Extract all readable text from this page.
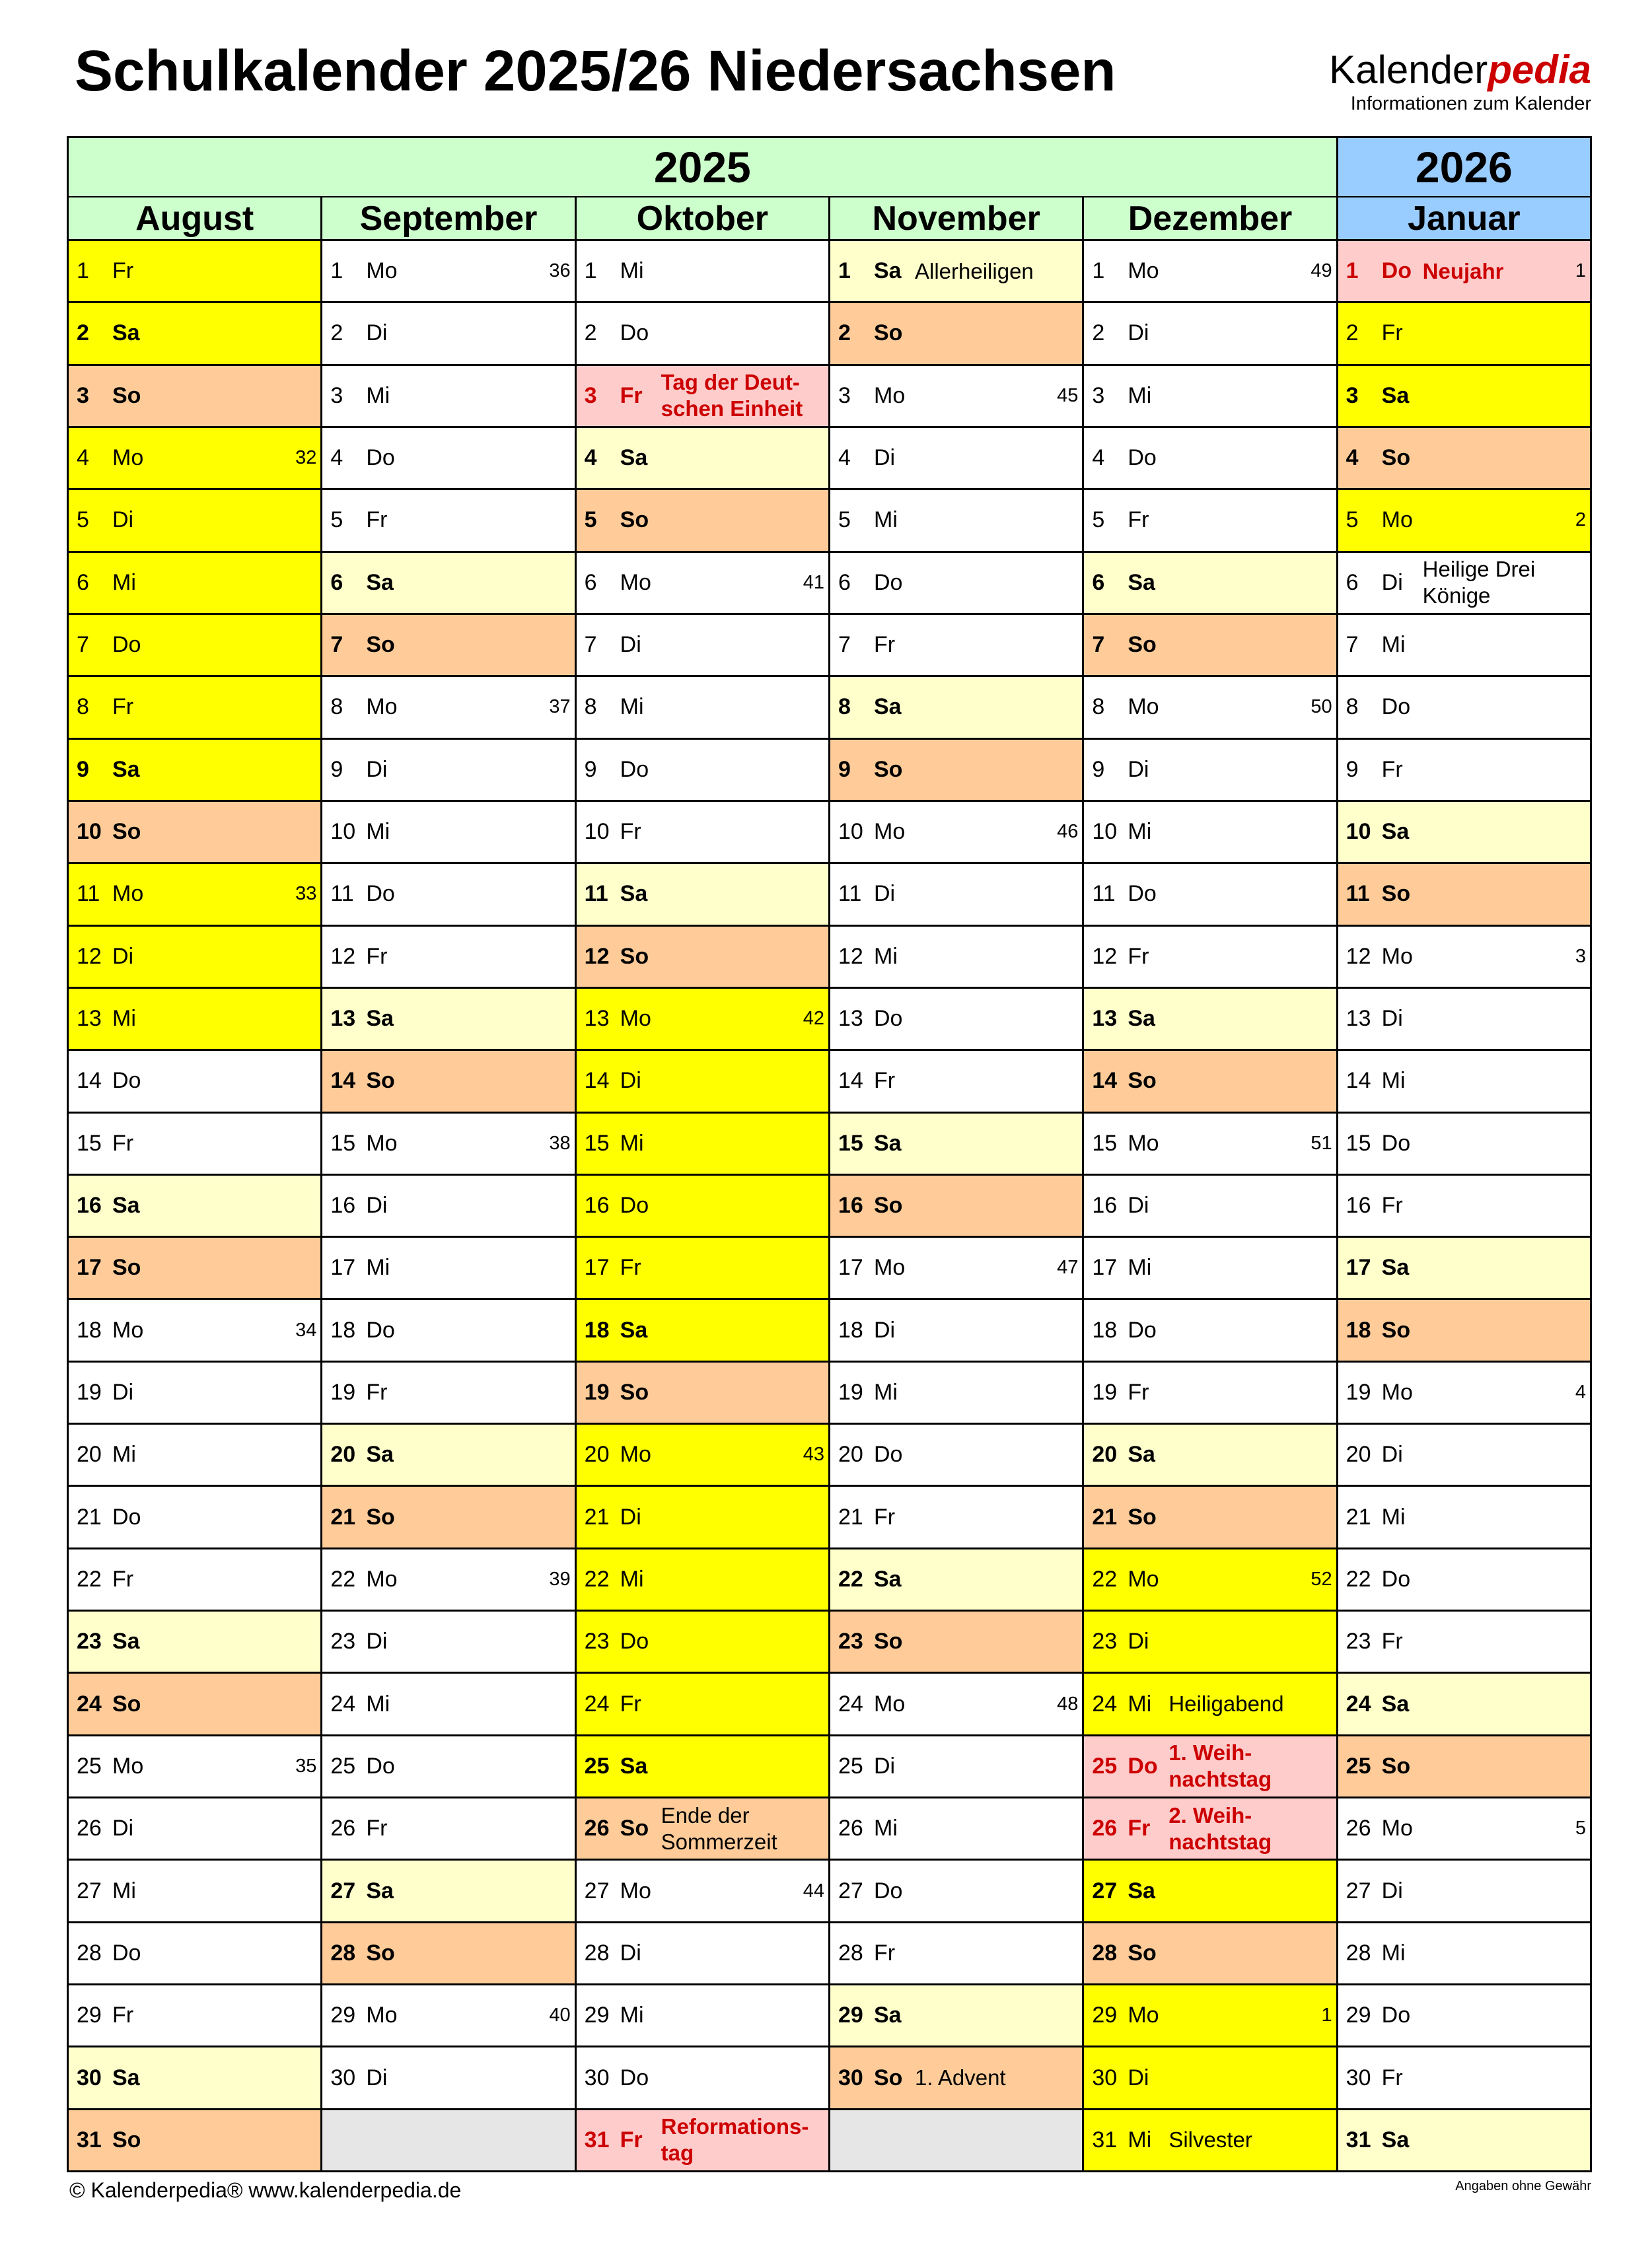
Schulkalender 2025/26 Niedersachsen	Kalenderpedia
Informationen zum Kalender
2025	2026
August
1	Fr
2	Sa
3	So
4	Mo	32
5	Di
6	Mi
7	Do
8	Fr
9	Sa
10 So
11 Mo	33
12 Di
13 Mi
14 Do
15 Fr
16 Sa
17 So
18 Mo	34
19 Di
20 Mi
21 Do
22 Fr
23 Sa
24 So
25 Mo	35
26 Di
27 Mi
28 Do
29 Fr
30 Sa
31 So
September
1	Mo	36
2	Di
3	Mi
4	Do
5	Fr
6	Sa
7	So
8	Mo	37
9	Di
10 Mi
11 Do
12 Fr
13 Sa
14 So
15 Mo	38
16 Di
17 Mi
18 Do
19 Fr
20 Sa
21 So
22 Mo	39
23 Di
24 Mi
25 Do
26 Fr
27 Sa
28 So
29 Mo	40
30 Di
Oktober
1	Mi
2	Do
3	Fr
Tag der Deut-
schen Einheit
4	Sa
5	So
6	Mo	41
7	Di
8	Mi
9	Do
10 Fr
11 Sa
12 So
13 Mo	42
14 Di
15 Mi
16 Do
17 Fr
18 Sa
19 So
20 Mo	43
21 Di
22 Mi
23 Do
24 Fr
25 Sa
26 So
Ende der Sommerzeit
27 Mo	44
28 Di
29 Mi
30 Do
31 Fr
Reformations-
tag
November
1	Sa Allerheiligen
2	So
3	Mo	45
4	Di
5	Mi
6	Do
7	Fr
8	Sa
9	So
10 Mo	46
11 Di
12 Mi
13 Do
14 Fr
15 Sa
16 So
17 Mo	47
18 Di
19 Mi
20 Do
21 Fr
22 Sa
23 So
24 Mo	48
25 Di
26 Mi
27 Do
28 Fr
29 Sa
30 So 1. Advent
Dezember
1	Mo	49
2	Di
3	Mi
4	Do
5	Fr
6	Sa
7	So
8	Mo	50
9	Di
10 Mi
11 Do
12 Fr
13 Sa
14 So
15 Mo	51
16 Di
17 Mi
18 Do
19 Fr
20 Sa
21 So
22 Mo	52
23 Di
24 Mi Heiligabend
25 Do
1. Weih-
nachtstag
26 Fr
2. Weih-
nachtstag
27 Sa
28 So
29 Mo	1
30 Di
31 Mi Silvester
Januar
1	Do Neujahr	1
2	Fr
3	Sa
4	So
5	Mo	2
6	Di
Heilige Drei Könige
7	Mi
8	Do
9	Fr
10 Sa
11 So
12 Mo	3
13 Di
14 Mi
15 Do
16 Fr
17 Sa
18 So
19 Mo	4
20 Di
21 Mi
22 Do
23 Fr
24 Sa
25 So
26 Mo	5
27 Di
28 Mi
29 Do
30 Fr
31 Sa
© Kalenderpedia® www.kalenderpedia.de	Angaben ohne Gewähr
